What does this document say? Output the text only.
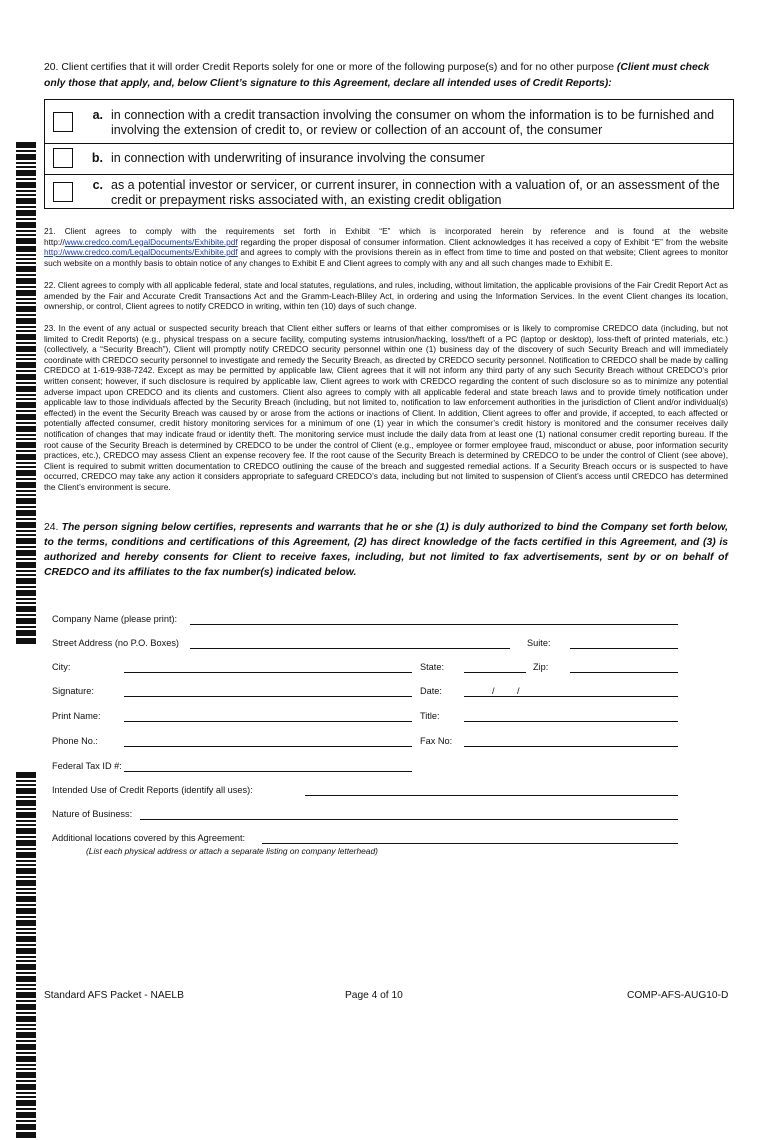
20. Client certifies that it will order Credit Reports solely for one or more of the following purpose(s) and for no other purpose (Client must check only those that apply, and, below Client’s signature to this Agreement, declare all intended uses of Credit Reports):
a. in connection with a credit transaction involving the consumer on whom the information is to be furnished and involving the extension of credit to, or review or collection of an account of, the consumer
b. in connection with underwriting of insurance involving the consumer
c. as a potential investor or servicer, or current insurer, in connection with a valuation of, or an assessment of the credit or prepayment risks associated with, an existing credit obligation
21. Client agrees to comply with the requirements set forth in Exhibit “E” which is incorporated herein by reference and is found at the website http://www.credco.com/LegalDocuments/Exhibite.pdf regarding the proper disposal of consumer information. Client acknowledges it has received a copy of Exhibit “E” from the website http://www.credco.com/LegalDocuments/Exhibite.pdf and agrees to comply with the provisions therein as in effect from time to time and posted on that website; Client agrees to monitor such website on a monthly basis to obtain notice of any changes to Exhibit E and Client agrees to comply with any and all such changes made to Exhibit E.
22. Client agrees to comply with all applicable federal, state and local statutes, regulations, and rules, including, without limitation, the applicable provisions of the Fair Credit Report Act as amended by the Fair and Accurate Credit Transactions Act and the Gramm-Leach-Bliley Act, in ordering and using the Information Services. In the event Client changes its location, ownership, or control, Client agrees to notify CREDCO in writing, within ten (10) days of such change.
23. In the event of any actual or suspected security breach that Client either suffers or learns of that either compromises or is likely to compromise CREDCO data (including, but not limited to Credit Reports) (e.g., physical trespass on a secure facility, computing systems intrusion/hacking, loss/theft of a PC (laptop or desktop), loss-theft of printed materials, etc.) (collectively, a “Security Breach”), Client will promptly notify CREDCO security personnel within one (1) business day of the discovery of such Security Breach and will immediately coordinate with CREDCO security personnel to investigate and remedy the Security Breach, as directed by CREDCO security personnel. Notification to CREDCO shall be made by calling CREDCO at 1-619-938-7242. Except as may be permitted by applicable law, Client agrees that it will not inform any third party of any such Security Breach without CREDCO’s prior written consent; however, if such disclosure is required by applicable law, Client agrees to work with CREDCO regarding the content of such disclosure so as to minimize any potential adverse impact upon CREDCO and its clients and customers. Client also agrees to comply with all applicable federal and state breach laws and to provide timely notification under applicable law to those individuals affected by the Security Breach (including, but not limited to, notification to law enforcement authorities in the jurisdiction of Client and/or individual(s) effected) in the event the Security Breach was caused by or arose from the actions or inactions of Client. In addition, Client agrees to offer and provide, if accepted, to each affected or potentially affected consumer, credit history monitoring services for a minimum of one (1) year in which the consumer’s credit history is monitored and the consumer receives daily notification of changes that may indicate fraud or identity theft. The monitoring service must include the daily data from at least one (1) national consumer credit reporting bureau. If the root cause of the Security Breach is determined by CREDCO to be under the control of Client (e.g., employee or former employee fraud, misconduct or abuse, poor information security practices, etc.), CREDCO may assess Client an expense recovery fee. If the root cause of the Security Breach is determined by CREDCO to be under the control of Client (see above), Client is required to submit written documentation to CREDCO outlining the cause of the breach and suggested remedial actions. If a Security Breach occurs or is suspected to have occurred, CREDCO may take any action it considers appropriate to safeguard CREDCO’s data, including but not limited to suspension of Client’s access until CREDCO has determined the Client’s environment is secure.
24. The person signing below certifies, represents and warrants that he or she (1) is duly authorized to bind the Company set forth below, to the terms, conditions and certifications of this Agreement, (2) has direct knowledge of the facts certified in this Agreement, and (3) is authorized and hereby consents for Client to receive faxes, including, but not limited to fax advertisements, sent by or on behalf of CREDCO and its affiliates to the fax number(s) indicated below.
Company Name (please print):
Street Address (no P.O. Boxes)	Suite:
City:	State:	Zip:
Signature:	Date:	/ /
Print Name:	Title:
Phone No.:	Fax No:
Federal Tax ID #:
Intended Use of Credit Reports (identify all uses):
Nature of Business:
Additional locations covered by this Agreement:
(List each physical address or attach a separate listing on company letterhead)
Standard AFS Packet - NAELB	Page 4 of 10	COMP-AFS-AUG10-D
